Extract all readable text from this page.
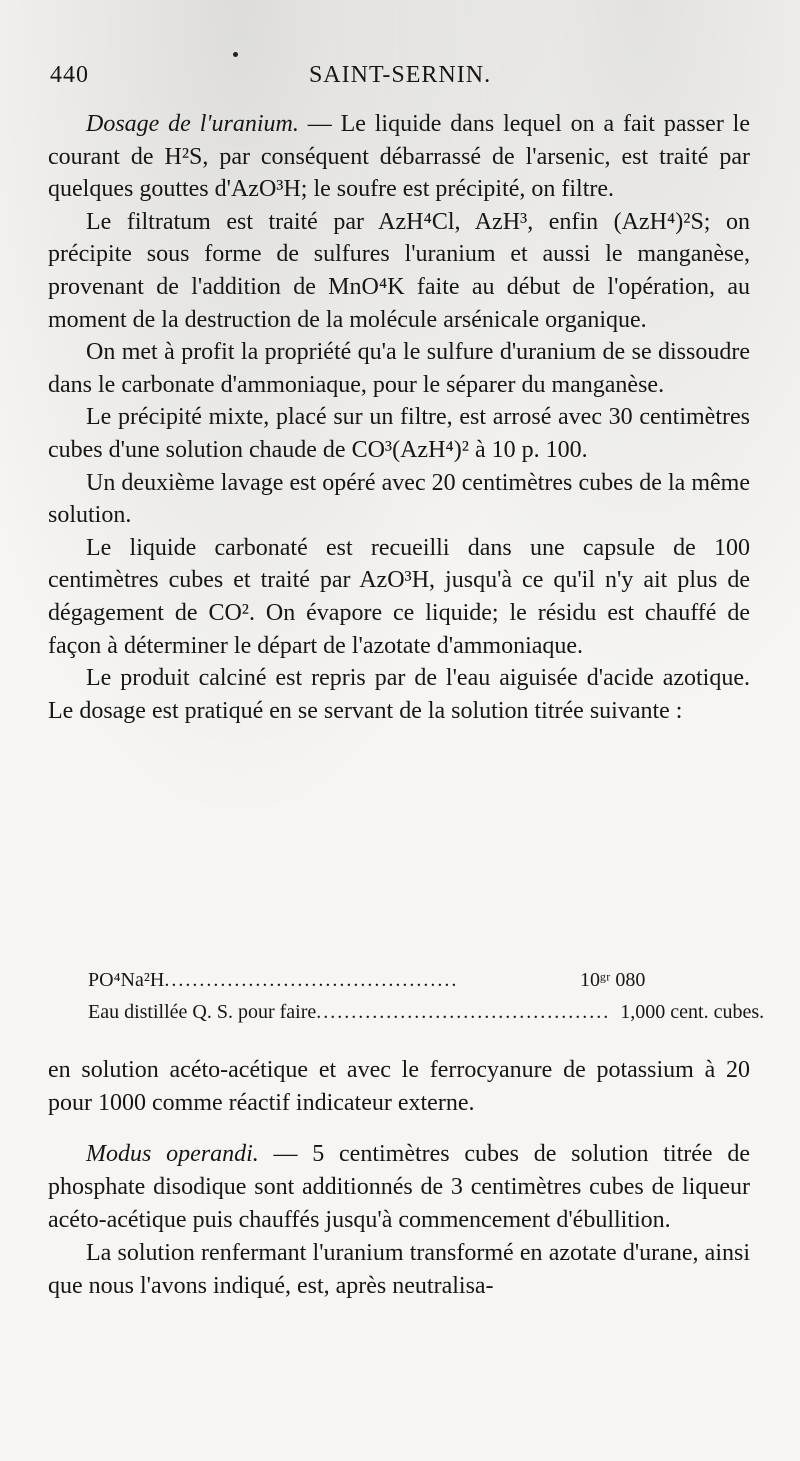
440	SAINT-SERNIN.

Dosage de l'uranium. — Le liquide dans lequel on a fait passer le courant de H²S, par conséquent débarrassé de l'arsenic, est traité par quelques gouttes d'AzO³H; le soufre est précipité, on filtre.

Le filtratum est traité par AzH⁴Cl, AzH³, enfin (AzH⁴)²S; on précipite sous forme de sulfures l'uranium et aussi le manganèse, provenant de l'addition de MnO⁴K faite au début de l'opération, au moment de la destruction de la molécule arsénicale organique.

On met à profit la propriété qu'a le sulfure d'uranium de se dissoudre dans le carbonate d'ammoniaque, pour le séparer du manganèse.

Le précipité mixte, placé sur un filtre, est arrosé avec 30 centimètres cubes d'une solution chaude de CO³(AzH⁴)² à 10 p. 100.

Un deuxième lavage est opéré avec 20 centimètres cubes de la même solution.

Le liquide carbonaté est recueilli dans une capsule de 100 centimètres cubes et traité par AzO³H, jusqu'à ce qu'il n'y ait plus de dégagement de CO². On évapore ce liquide; le résidu est chauffé de façon à déterminer le départ de l'azotate d'ammoniaque.

Le produit calciné est repris par de l'eau aiguisée d'acide azotique. Le dosage est pratiqué en se servant de la solution titrée suivante :

PO⁴Na²H ..........................................	10ᵍʳ 080
Eau distillée Q. S. pour faire .......................................... 1,000 cent. cubes.

en solution acéto-acétique et avec le ferrocyanure de potassium à 20 pour 1000 comme réactif indicateur externe.

Modus operandi. — 5 centimètres cubes de solution titrée de phosphate disodique sont additionnés de 3 centimètres cubes de liqueur acéto-acétique puis chauffés jusqu'à commencement d'ébullition.

La solution renfermant l'uranium transformé en azotate d'urane, ainsi que nous l'avons indiqué, est, après neutralisa-
